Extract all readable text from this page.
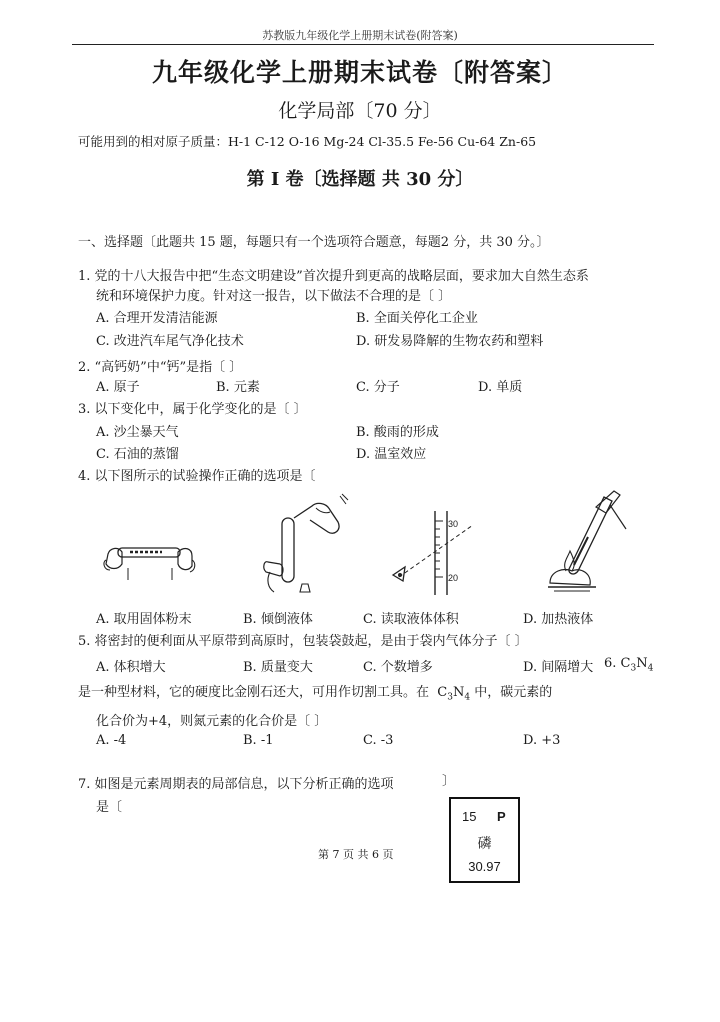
苏教版九年级化学上册期末试卷(附答案)
九年级化学上册期末试卷〔附答案〕
化学局部〔70 分〕
可能用到的相对原子质量：H-1 C-12 O-16 Mg-24 Cl-35.5 Fe-56 Cu-64 Zn-65
第 I 卷〔选择题 共 30 分〕
一、选择题〔此题共 15 题，每题只有一个选项符合题意，每题2 分，共 30 分。〕
1. 党的十八大报告中把“生态文明建设”首次提升到更高的战略层面，要求加大自然生态系
统和环境保护力度。针对这一报告，以下做法不合理的是〔 〕
A. 合理开发清洁能源	B. 全面关停化工企业
C. 改进汽车尾气净化技术	D. 研发易降解的生物农药和塑料
2. “高钙奶”中“钙”是指〔 〕
A. 原子	B. 元素	C. 分子	D. 单质
3. 以下变化中，属于化学变化的是〔 〕
A. 沙尘暴天气	B. 酸雨的形成
C. 石油的蒸馏	D. 温室效应
4. 以下图所示的试验操作正确的选项是〔
30
20
A. 取用固体粉末	B. 倾倒液体	C. 读取液体体积	D. 加热液体
5. 将密封的便利面从平原带到高原时，包装袋鼓起，是由于袋内气体分子〔 〕
A. 体积增大	B. 质量变大	C. 个数增多	D. 间隔增大 6. $C_3N_4$
是一种型材料，它的硬度比金刚石还大，可用作切割工具。在 $C_3N_4$ 中，碳元素的
化合价为+4，则氮元素的化合价是〔 〕
A. -4	B. -1	C. -3	D. +3
7. 如图是元素周期表的局部信息，以下分析正确的选项	〕
是〔
15 P
磷
30.97
第 7 页 共 6 页
